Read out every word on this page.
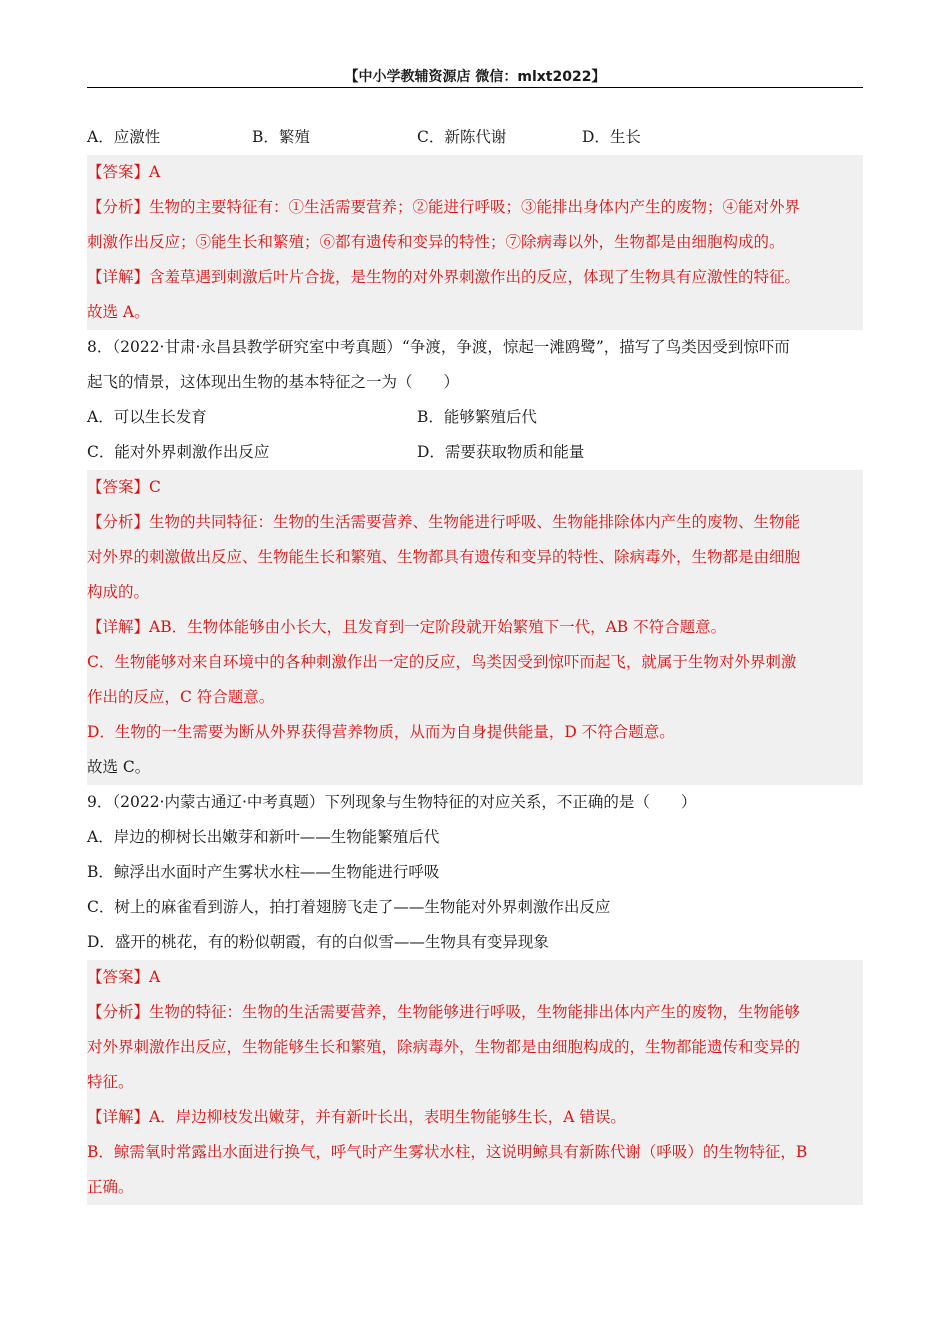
【中小学教辅资源店 微信：mlxt2022】
A．应激性	B．繁殖	C．新陈代谢	D．生长
【答案】A
【分析】生物的主要特征有：①生活需要营养；②能进行呼吸；③能排出身体内产生的废物；④能对外界
刺激作出反应；⑤能生长和繁殖；⑥都有遗传和变异的特性；⑦除病毒以外，生物都是由细胞构成的。
【详解】含羞草遇到刺激后叶片合拢，是生物的对外界刺激作出的反应，体现了生物具有应激性的特征。
故选 A。
8．（2022·甘肃·永昌县教学研究室中考真题）“争渡，争渡，惊起一滩鸥鹭”，描写了鸟类因受到惊吓而
起飞的情景，这体现出生物的基本特征之一为（　　）
A．可以生长发育	B．能够繁殖后代
C．能对外界刺激作出反应	D．需要获取物质和能量
【答案】C
【分析】生物的共同特征：生物的生活需要营养、生物能进行呼吸、生物能排除体内产生的废物、生物能
对外界的刺激做出反应、生物能生长和繁殖、生物都具有遗传和变异的特性、除病毒外，生物都是由细胞
构成的。
【详解】AB．生物体能够由小长大，且发育到一定阶段就开始繁殖下一代，AB 不符合题意。
C．生物能够对来自环境中的各种刺激作出一定的反应，鸟类因受到惊吓而起飞，就属于生物对外界刺激
作出的反应，C 符合题意。
D．生物的一生需要为断从外界获得营养物质，从而为自身提供能量，D 不符合题意。
故选 C。
9．（2022·内蒙古通辽·中考真题）下列现象与生物特征的对应关系，不正确的是（　　）
A．岸边的柳树长出嫩芽和新叶——生物能繁殖后代
B．鲸浮出水面时产生雾状水柱——生物能进行呼吸
C．树上的麻雀看到游人，拍打着翅膀飞走了——生物能对外界刺激作出反应
D．盛开的桃花，有的粉似朝霞，有的白似雪——生物具有变异现象
【答案】A
【分析】生物的特征：生物的生活需要营养，生物能够进行呼吸，生物能排出体内产生的废物，生物能够
对外界刺激作出反应，生物能够生长和繁殖，除病毒外，生物都是由细胞构成的，生物都能遗传和变异的
特征。
【详解】A．岸边柳枝发出嫩芽，并有新叶长出，表明生物能够生长，A 错误。
B．鲸需氧时常露出水面进行换气，呼气时产生雾状水柱，这说明鲸具有新陈代谢（呼吸）的生物特征，B
正确。
